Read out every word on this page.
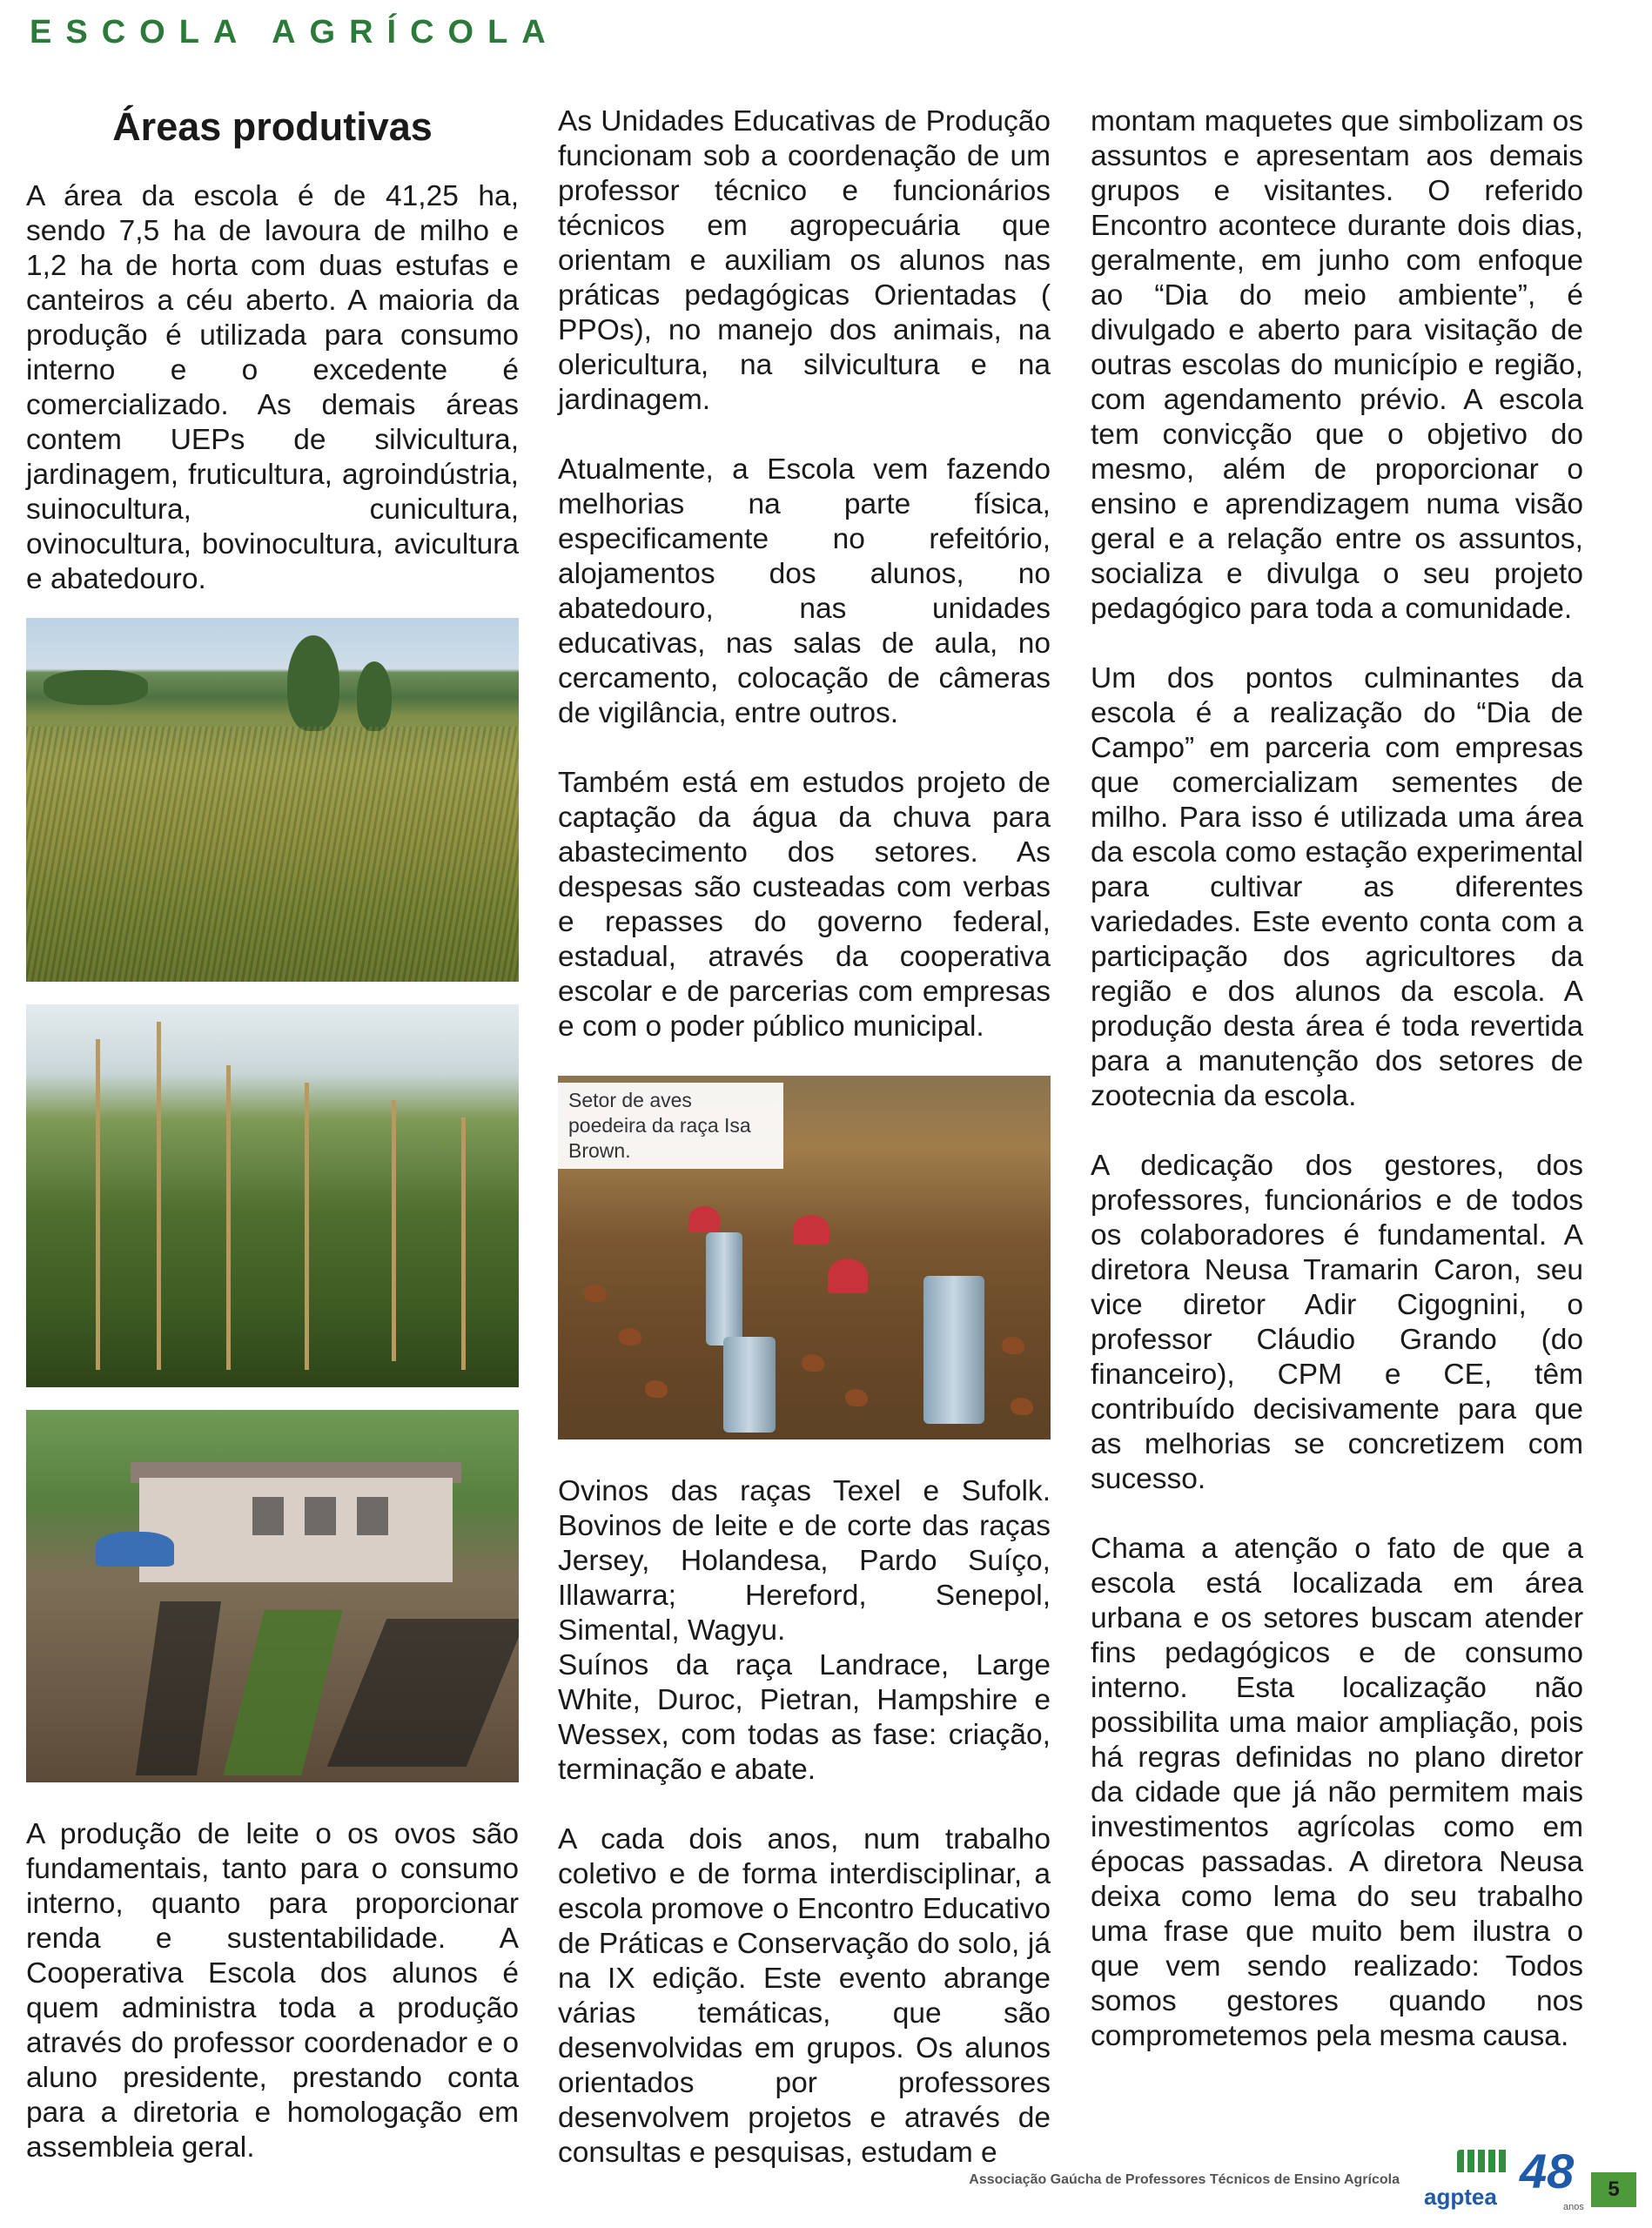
ESCOLA AGRÍCOLA
Áreas produtivas

A área da escola é de 41,25 ha, sendo 7,5 ha de lavoura de milho e 1,2 ha de horta com duas estufas e canteiros a céu aberto. A maioria da produção é utilizada para consumo interno e o excedente é comercializado. As demais áreas contem UEPs de silvicultura, jardinagem, fruticultura, agroindústria, suinocultura, cunicultura, ovinocultura, bovinocultura, avicultura e abatedouro.

A produção de leite o os ovos são fundamentais, tanto para o consumo interno, quanto para proporcionar renda e sustentabilidade. A Cooperativa Escola dos alunos é quem administra toda a produção através do professor coordenador e o aluno presidente, prestando conta para a diretoria e homologação em assembleia geral.

As Unidades Educativas de Produção funcionam sob a coordenação de um professor técnico e funcionários técnicos em agropecuária que orientam e auxiliam os alunos nas práticas pedagógicas Orientadas ( PPOs), no manejo dos animais, na olericultura, na silvicultura e na jardinagem.

Atualmente, a Escola vem fazendo melhorias na parte física, especificamente no refeitório, alojamentos dos alunos, no abatedouro, nas unidades educativas, nas salas de aula, no cercamento, colocação de câmeras de vigilância, entre outros.

Também está em estudos projeto de captação da água da chuva para abastecimento dos setores. As despesas são custeadas com verbas e repasses do governo federal, estadual, através da cooperativa escolar e de parcerias com empresas e com o poder público municipal.

Setor de aves poedeira da raça Isa Brown.

Ovinos das raças Texel e Sufolk. Bovinos de leite e de corte das raças Jersey, Holandesa, Pardo Suíço, Illawarra; Hereford, Senepol, Simental, Wagyu.

Suínos da raça Landrace, Large White, Duroc, Pietran, Hampshire e Wessex, com todas as fase: criação, terminação e abate.

A cada dois anos, num trabalho coletivo e de forma interdisciplinar, a escola promove o Encontro Educativo de Práticas e Conservação do solo, já na IX edição. Este evento abrange várias temáticas, que são desenvolvidas em grupos. Os alunos orientados por professores desenvolvem projetos e através de consultas e pesquisas, estudam e

montam maquetes que simbolizam os assuntos e apresentam aos demais grupos e visitantes. O referido Encontro acontece durante dois dias, geralmente, em junho com enfoque ao “Dia do meio ambiente”, é divulgado e aberto para visitação de outras escolas do município e região, com agendamento prévio. A escola tem convicção que o objetivo do mesmo, além de proporcionar o ensino e aprendizagem numa visão geral e a relação entre os assuntos, socializa e divulga o seu projeto pedagógico para toda a comunidade.

Um dos pontos culminantes da escola é a realização do “Dia de Campo” em parceria com empresas que comercializam sementes de milho. Para isso é utilizada uma área da escola como estação experimental para cultivar as diferentes variedades. Este evento conta com a participação dos agricultores da região e dos alunos da escola. A produção desta área é toda revertida para a manutenção dos setores de zootecnia da escola.

A dedicação dos gestores, dos professores, funcionários e de todos os colaboradores é fundamental. A diretora Neusa Tramarin Caron, seu vice diretor Adir Cigognini, o professor Cláudio Grando (do financeiro), CPM e CE, têm contribuído decisivamente para que as melhorias se concretizem com sucesso.

Chama a atenção o fato de que a escola está localizada em área urbana e os setores buscam atender fins pedagógicos e de consumo interno. Esta localização não possibilita uma maior ampliação, pois há regras definidas no plano diretor da cidade que já não permitem mais investimentos agrícolas como em épocas passadas. A diretora Neusa deixa como lema do seu trabalho uma frase que muito bem ilustra o que vem sendo realizado: Todos somos gestores quando nos comprometemos pela mesma causa.

Associação Gaúcha de Professores Técnicos de Ensino Agrícola
agptea 48
anos
5
